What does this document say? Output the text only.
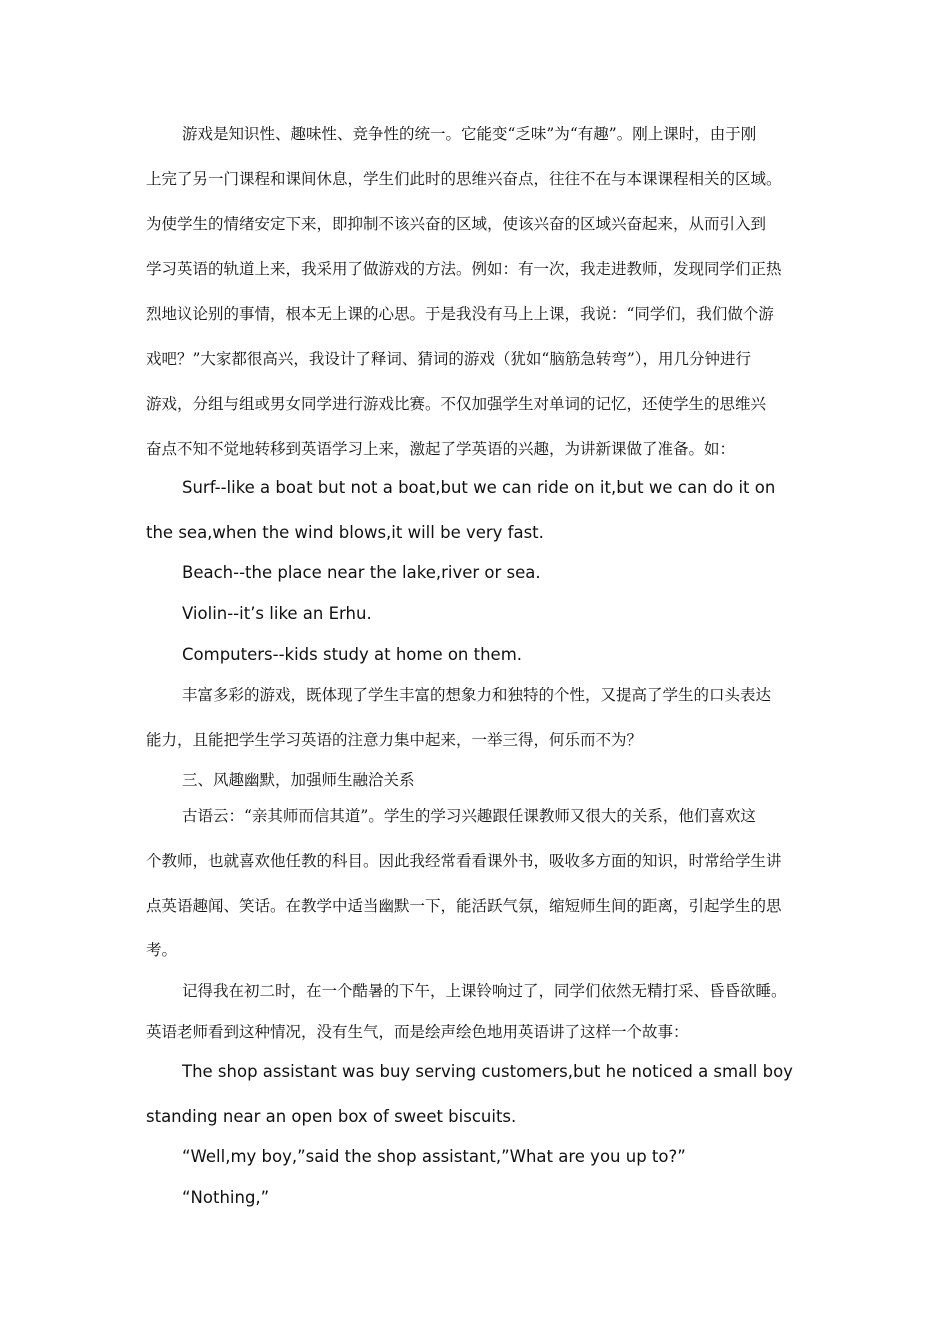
游戏是知识性、趣味性、竞争性的统一。它能变“乏味”为“有趣”。刚上课时，由于刚
上完了另一门课程和课间休息，学生们此时的思维兴奋点，往往不在与本课课程相关的区域。
为使学生的情绪安定下来，即抑制不该兴奋的区域，使该兴奋的区域兴奋起来，从而引入到
学习英语的轨道上来，我采用了做游戏的方法。例如：有一次，我走进教师，发现同学们正热
烈地议论别的事情，根本无上课的心思。于是我没有马上上课，我说：“同学们，我们做个游
戏吧？”大家都很高兴，我设计了释词、猜词的游戏（犹如“脑筋急转弯”），用几分钟进行
游戏，分组与组或男女同学进行游戏比赛。不仅加强学生对单词的记忆，还使学生的思维兴
奋点不知不觉地转移到英语学习上来，激起了学英语的兴趣，为讲新课做了准备。如：
Surf--like a boat but not a boat,but we can ride on it,but we can do it on
the sea,when the wind blows,it will be very fast.
Beach--the place near the lake,river or sea.
Violin--it’s like an Erhu.
Computers--kids study at home on them.
丰富多彩的游戏，既体现了学生丰富的想象力和独特的个性，又提高了学生的口头表达
能力，且能把学生学习英语的注意力集中起来，一举三得，何乐而不为？
三、风趣幽默，加强师生融洽关系
古语云：“亲其师而信其道”。学生的学习兴趣跟任课教师又很大的关系，他们喜欢这
个教师，也就喜欢他任教的科目。因此我经常看看课外书，吸收多方面的知识，时常给学生讲
点英语趣闻、笑话。在教学中适当幽默一下，能活跃气氛，缩短师生间的距离，引起学生的思
考。
记得我在初二时，在一个酷暑的下午，上课铃响过了，同学们依然无精打采、昏昏欲睡。
英语老师看到这种情况，没有生气，而是绘声绘色地用英语讲了这样一个故事：
The shop assistant was buy serving customers,but he noticed a small boy
standing near an open box of sweet biscuits.
“Well,my boy,”said the shop assistant,”What are you up to?”
“Nothing,”
